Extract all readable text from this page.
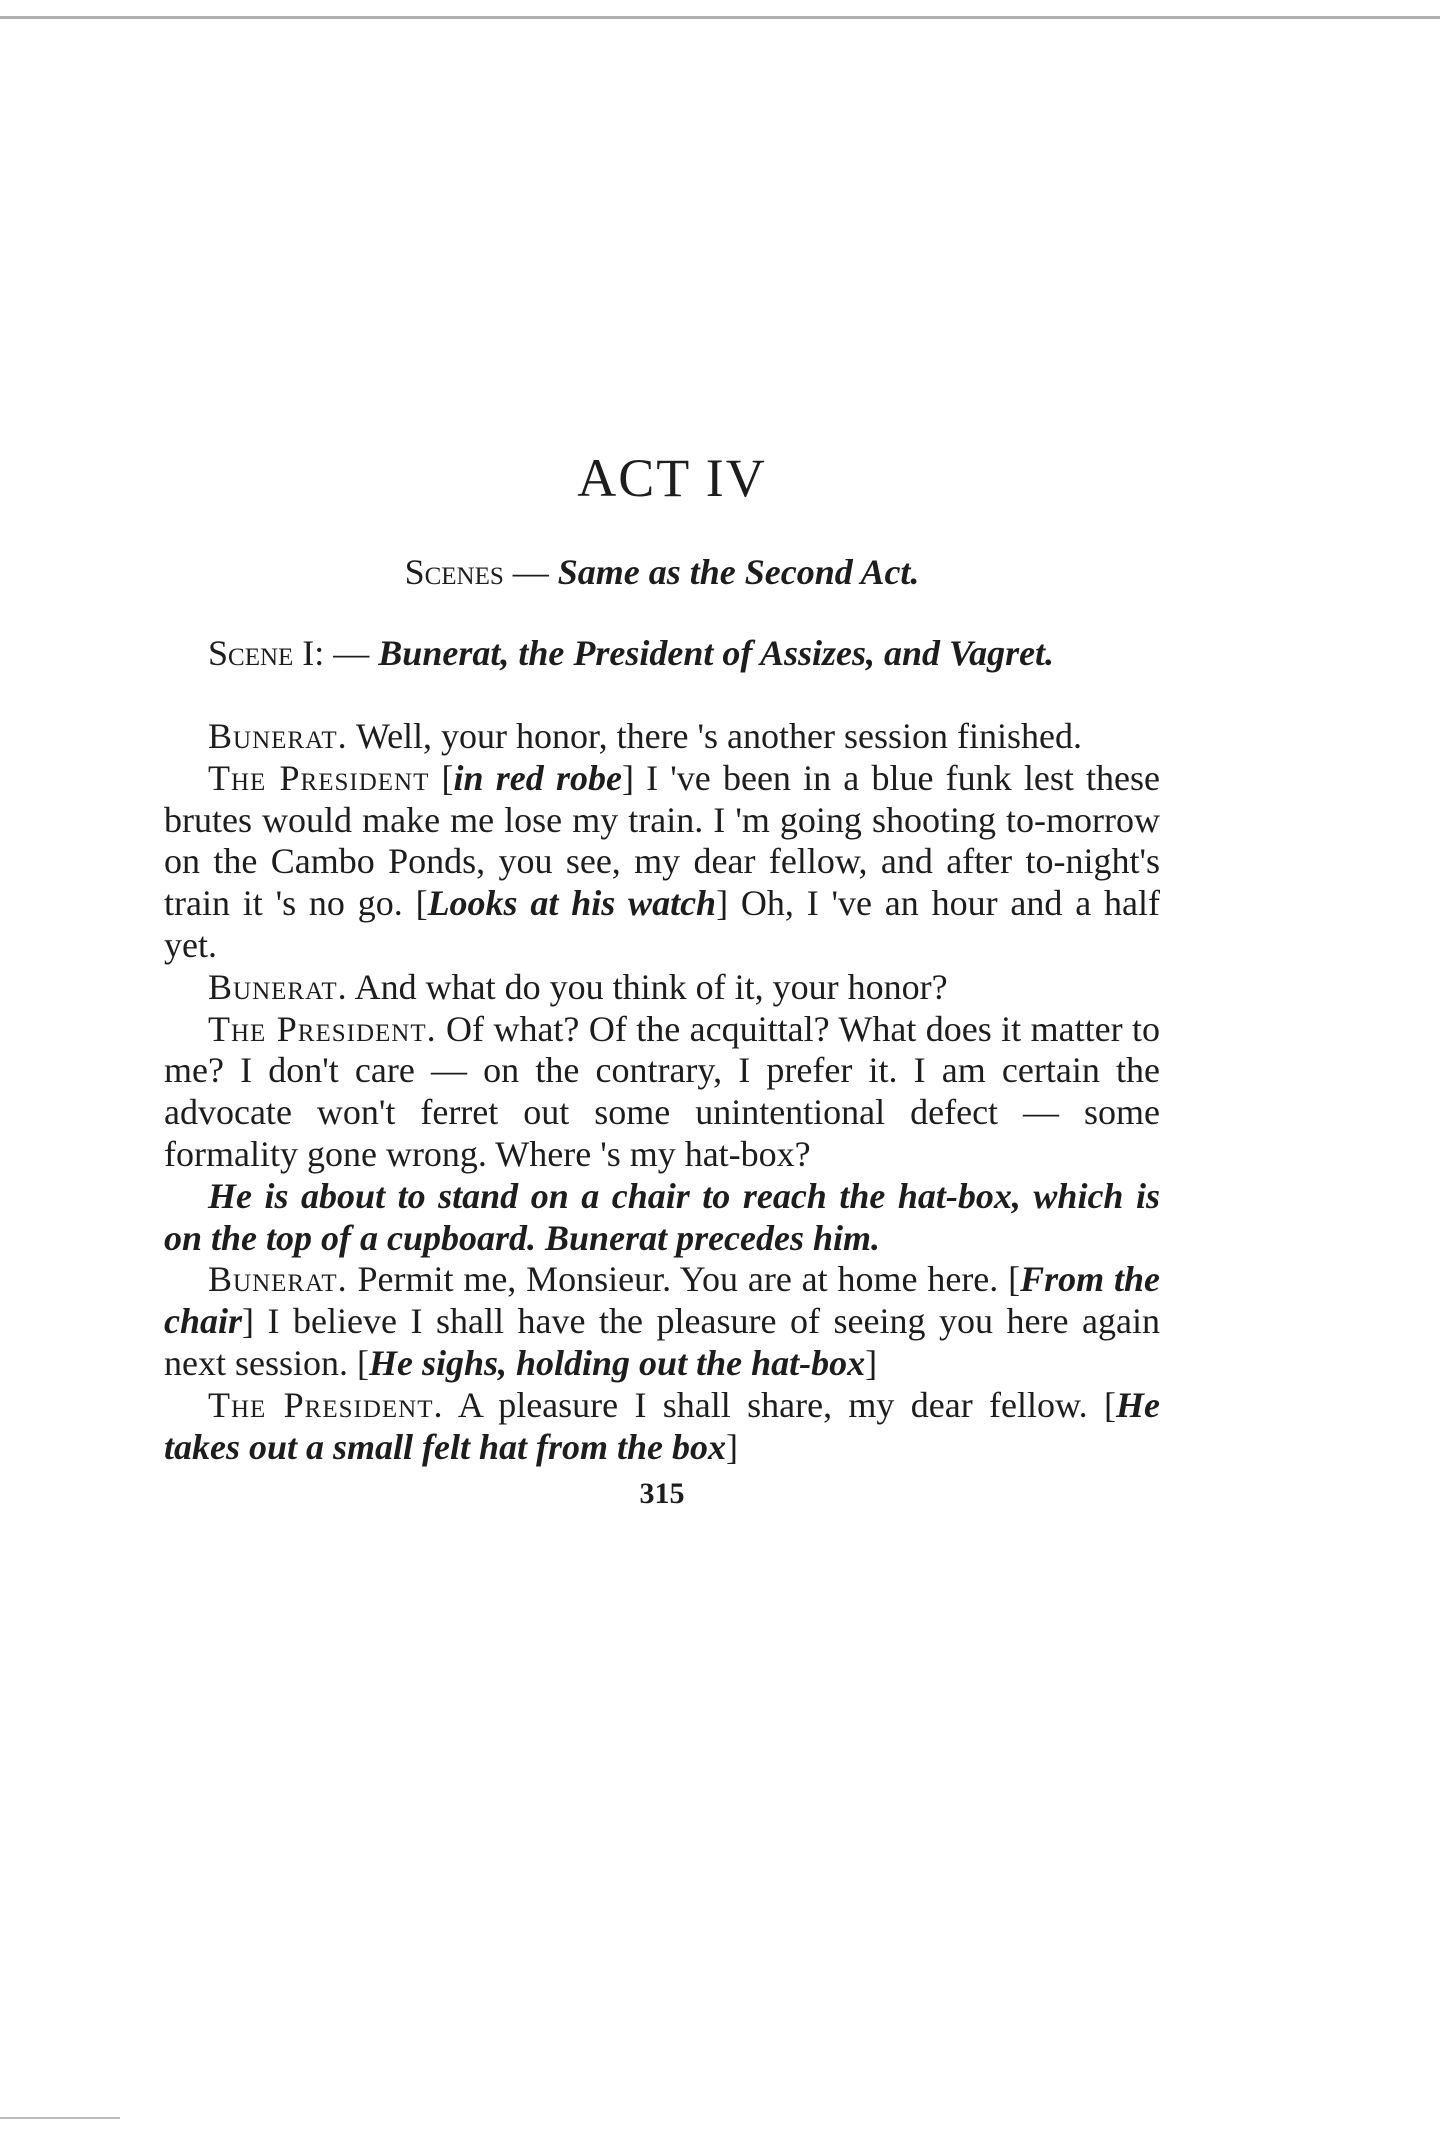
ACT IV
Scenes — Same as the Second Act.
Scene I: — Bunerat, the President of Assizes, and Vagret.

Bunerat. Well, your honor, there 's another session finished.

The President [in red robe] I 've been in a blue funk lest these brutes would make me lose my train. I 'm going shooting to-morrow on the Cambo Ponds, you see, my dear fellow, and after to-night's train it 's no go. [Looks at his watch] Oh, I 've an hour and a half yet.

Bunerat. And what do you think of it, your honor?

The President. Of what? Of the acquittal? What does it matter to me? I don't care — on the contrary, I prefer it. I am certain the advocate won't ferret out some unintentional defect — some formality gone wrong. Where 's my hat-box?

He is about to stand on a chair to reach the hat-box, which is on the top of a cupboard. Bunerat precedes him.

Bunerat. Permit me, Monsieur. You are at home here. [From the chair] I believe I shall have the pleasure of seeing you here again next session. [He sighs, holding out the hat-box]

The President. A pleasure I shall share, my dear fellow. [He takes out a small felt hat from the box]

315
